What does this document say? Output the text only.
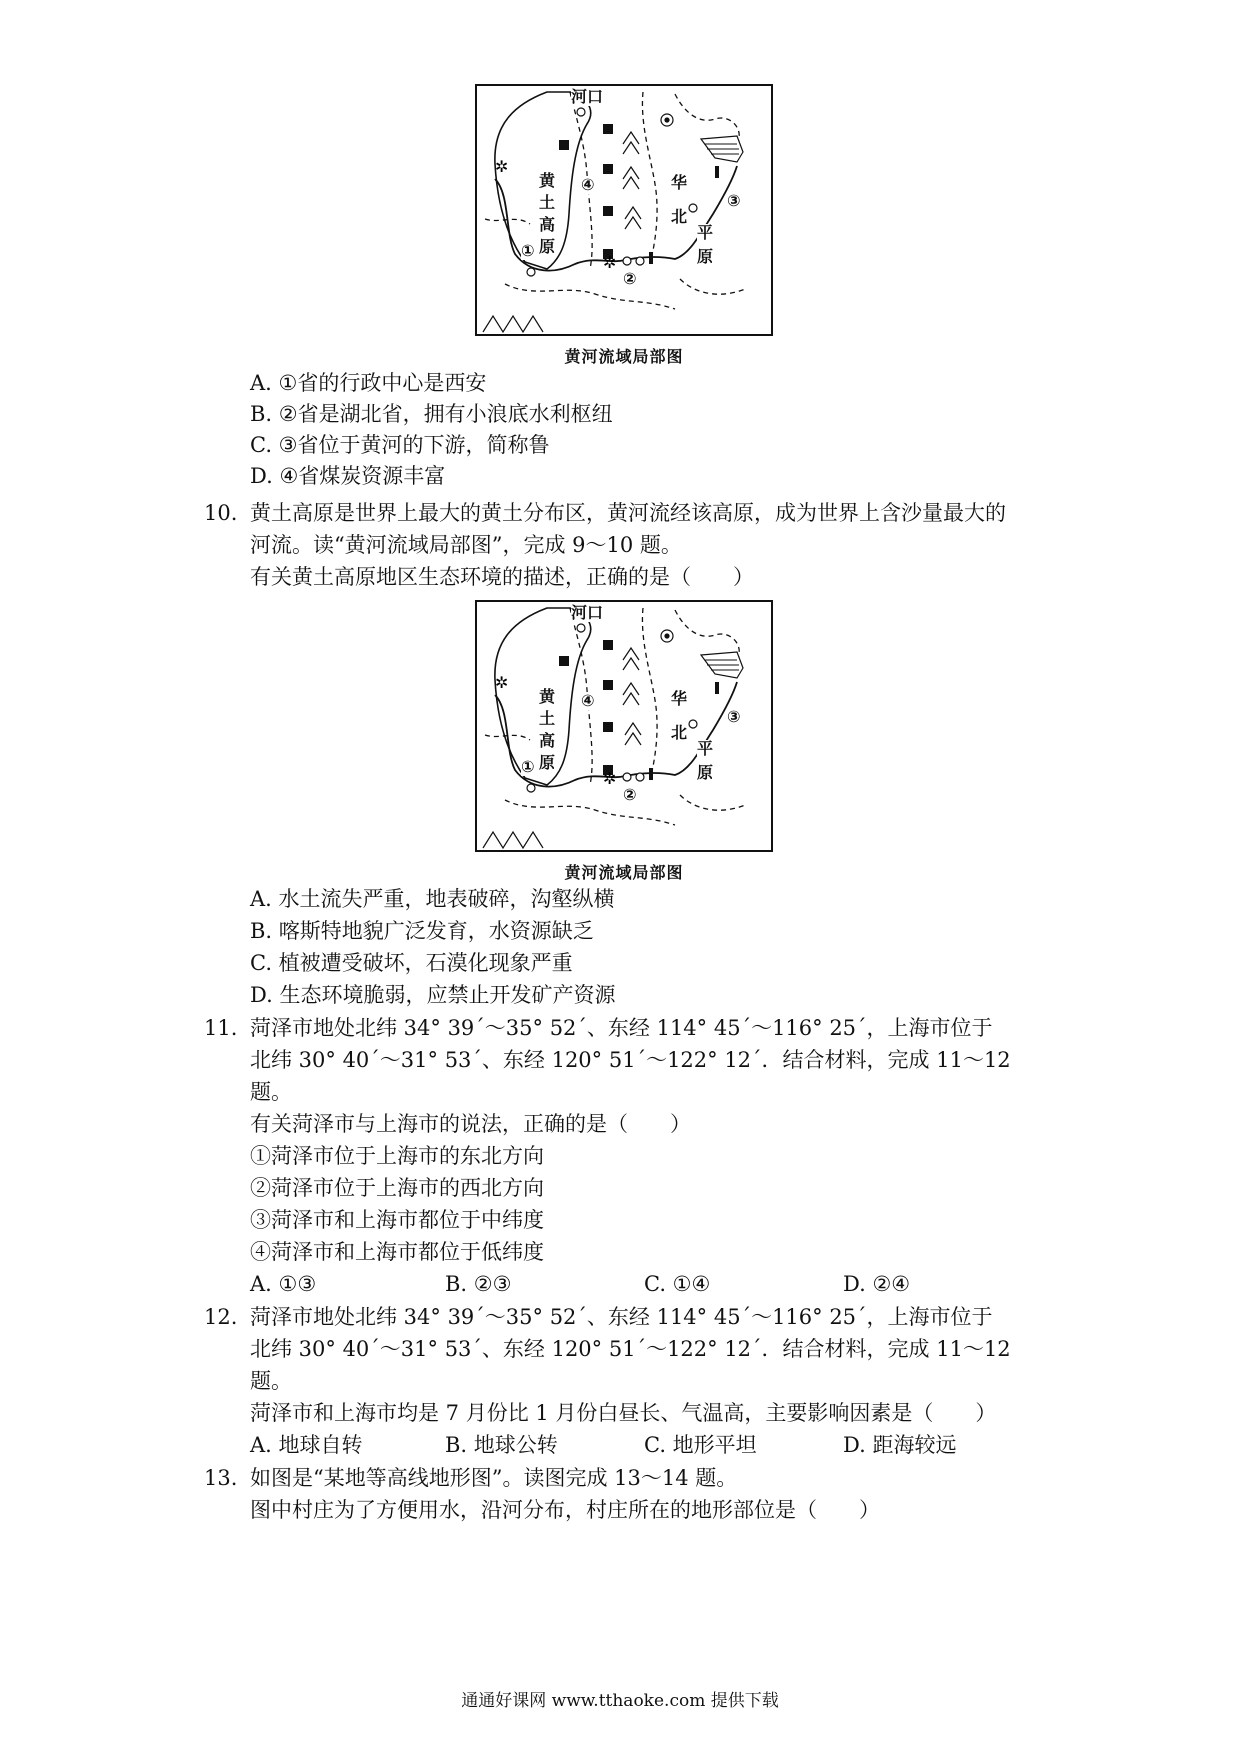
✲
✲
河口
黄
土
高
原
华
北
平
原
①
②
③
④
黄河流域局部图
A. ①省的行政中心是西安
B. ②省是湖北省，拥有小浪底水利枢纽
C. ③省位于黄河的下游，简称鲁
D. ④省煤炭资源丰富
10. 黄土高原是世界上最大的黄土分布区，黄河流经该高原，成为世界上含沙量最大的
河流。读“黄河流域局部图”，完成 9～10 题。
有关黄土高原地区生态环境的描述，正确的是（　　）
✲
✲
河口
黄
土
高
原
华
北
平
原
①
②
③
④
黄河流域局部图
A. 水土流失严重，地表破碎，沟壑纵横
B. 喀斯特地貌广泛发育，水资源缺乏
C. 植被遭受破坏，石漠化现象严重
D. 生态环境脆弱，应禁止开发矿产资源
11. 菏泽市地处北纬 34° 39´～35° 52´、东经 114° 45´～116° 25´，上海市位于
北纬 30° 40´～31° 53´、东经 120° 51´～122° 12´．结合材料，完成 11～12
题。
有关菏泽市与上海市的说法，正确的是（　　）
①菏泽市位于上海市的东北方向
②菏泽市位于上海市的西北方向
③菏泽市和上海市都位于中纬度
④菏泽市和上海市都位于低纬度
A. ①③	B. ②③	C. ①④	D. ②④
12. 菏泽市地处北纬 34° 39´～35° 52´、东经 114° 45´～116° 25´，上海市位于
北纬 30° 40´～31° 53´、东经 120° 51´～122° 12´．结合材料，完成 11～12
题。
菏泽市和上海市均是 7 月份比 1 月份白昼长、气温高，主要影响因素是（　　）
A. 地球自转	B. 地球公转	C. 地形平坦	D. 距海较远
13. 如图是“某地等高线地形图”。读图完成 13～14 题。
图中村庄为了方便用水，沿河分布，村庄所在的地形部位是（　　）
通通好课网 www.tthaoke.com 提供下载
